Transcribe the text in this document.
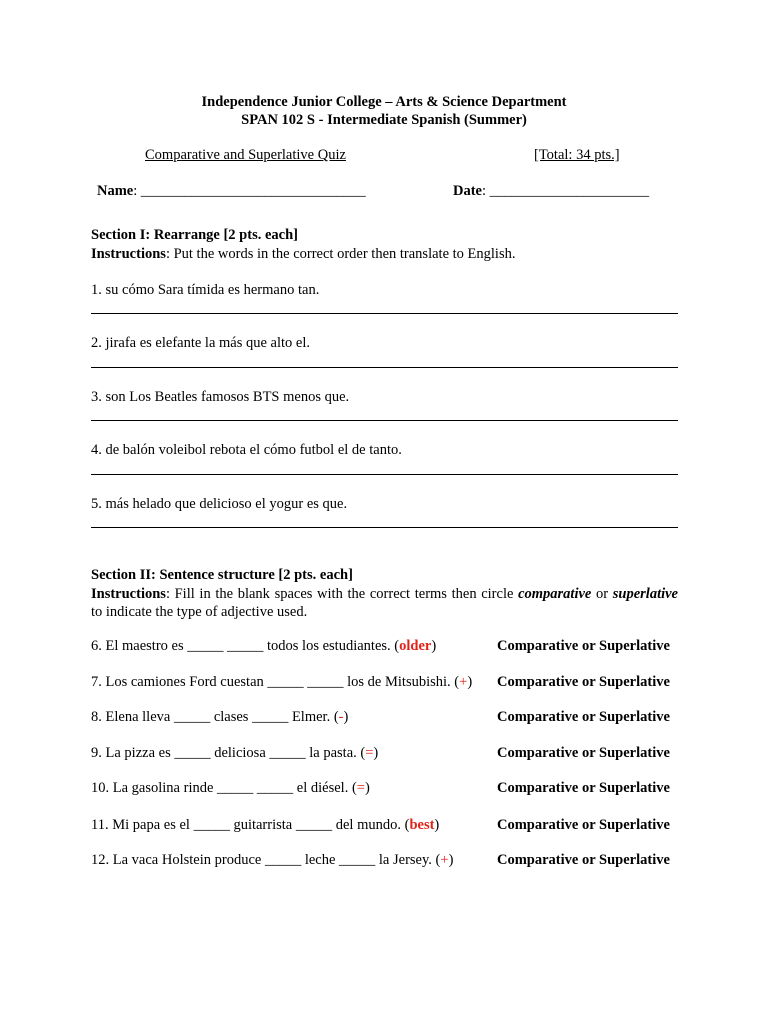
Independence Junior College – Arts & Science Department
SPAN 102 S - Intermediate Spanish (Summer)
Comparative and Superlative Quiz	[Total: 34 pts.]
Name: _______________________________	Date: ______________________
Section I: Rearrange [2 pts. each]
Instructions: Put the words in the correct order then translate to English.
1. su cómo Sara tímida es hermano tan.
2. jirafa es elefante la más que alto el.
3. son Los Beatles famosos BTS menos que.
4. de balón voleibol rebota el cómo futbol el de tanto.
5. más helado que delicioso el yogur es que.
Section II: Sentence structure [2 pts. each]
Instructions: Fill in the blank spaces with the correct terms then circle comparative or superlative to indicate the type of adjective used.
6. El maestro es _____ _____ todos los estudiantes. (older)	Comparative or Superlative
7. Los camiones Ford cuestan _____ _____ los de Mitsubishi. (+) Comparative or Superlative
8. Elena lleva _____ clases _____ Elmer. (-)	Comparative or Superlative
9. La pizza es _____ deliciosa _____ la pasta. (=)	Comparative or Superlative
10. La gasolina rinde _____ _____ el diésel. (=)	Comparative or Superlative
11. Mi papa es el _____ guitarrista _____ del mundo. (best)	Comparative or Superlative
12. La vaca Holstein produce _____ leche _____ la Jersey. (+)	Comparative or Superlative
